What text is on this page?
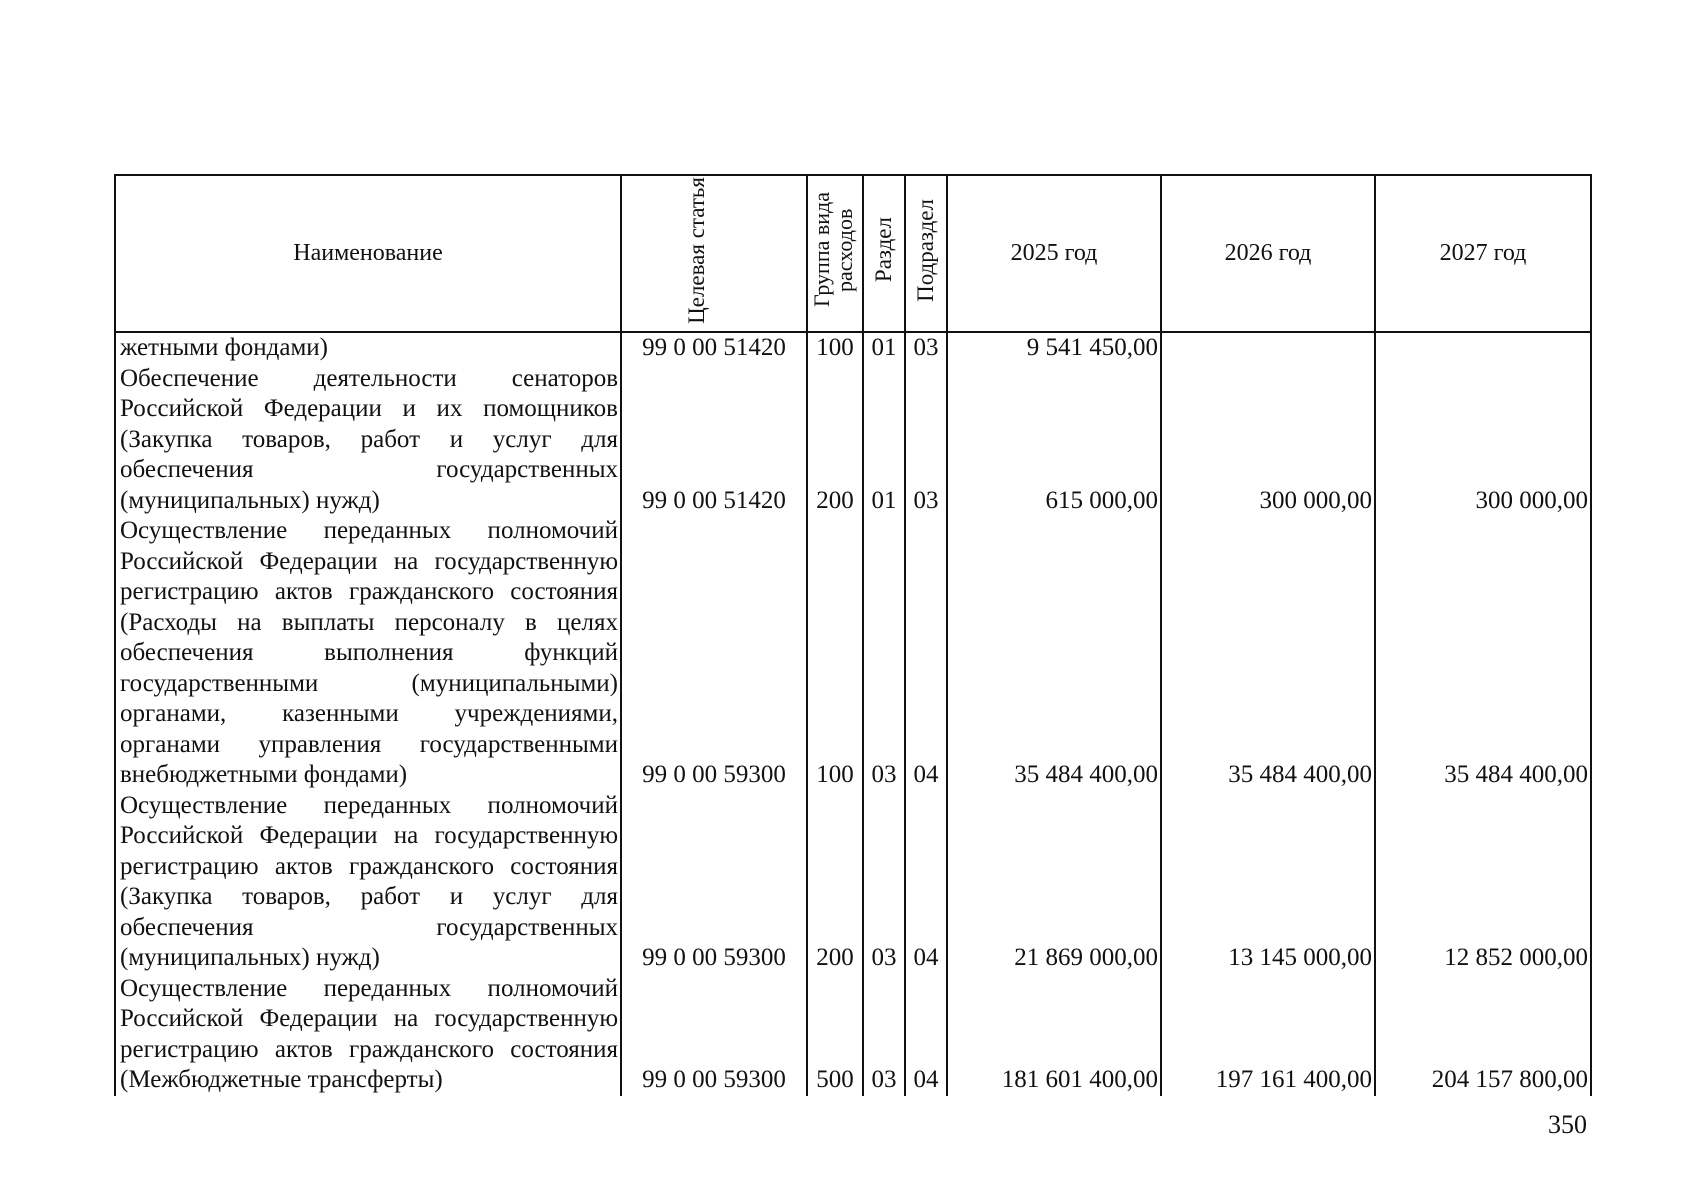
Наименование	Целевая статья	Группа вида расходов	Раздел	Подраздел	2025 год	2026 год	2027 год
жетными фондами)	99 0 00 51420	100	01	03	9 541 450,00		
Обеспечение деятельности сенаторов Российской Федерации и их помощников (Закупка товаров, работ и услуг для обеспечения государственных (муниципальных) нужд)	99 0 00 51420	200	01	03	615 000,00	300 000,00	300 000,00
Осуществление переданных полномочий Российской Федерации на государственную регистрацию актов гражданского состояния (Расходы на выплаты персоналу в целях обеспечения выполнения функций государственными (муниципальными) органами, казенными учреждениями, органами управления государственными внебюджетными фондами)	99 0 00 59300	100	03	04	35 484 400,00	35 484 400,00	35 484 400,00
Осуществление переданных полномочий Российской Федерации на государственную регистрацию актов гражданского состояния (Закупка товаров, работ и услуг для обеспечения государственных (муниципальных) нужд)	99 0 00 59300	200	03	04	21 869 000,00	13 145 000,00	12 852 000,00
Осуществление переданных полномочий Российской Федерации на государственную регистрацию актов гражданского состояния (Межбюджетные трансферты)	99 0 00 59300	500	03	04	181 601 400,00	197 161 400,00	204 157 800,00
350
